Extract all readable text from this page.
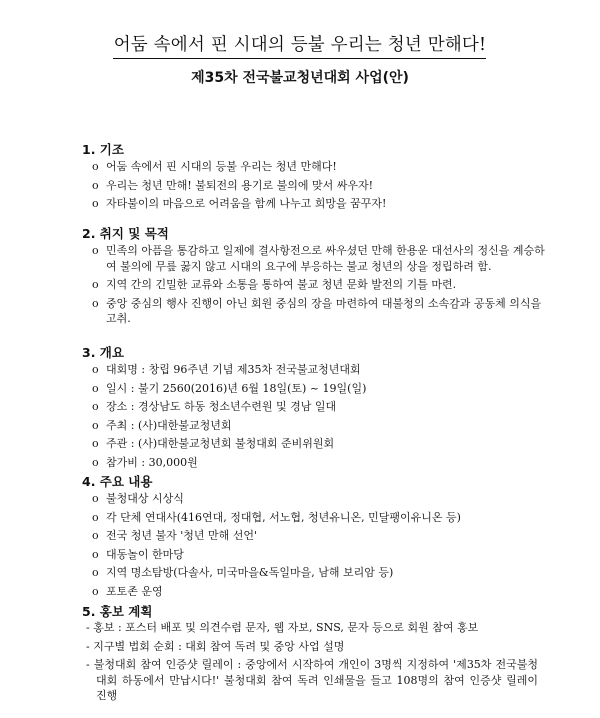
어둠 속에서 핀 시대의 등불 우리는 청년 만해다!
제35차 전국불교청년대회 사업(안)
1. 기조
o 어둠 속에서 핀 시대의 등불 우리는 청년 만해다!
o 우리는 청년 만해! 불퇴전의 용기로 불의에 맞서 싸우자!
o 자타불이의 마음으로 어려움을 함께 나누고 희망을 꿈꾸자!
2. 취지 및 목적
o 민족의 아픔을 통감하고 일제에 결사항전으로 싸우셨던 만해 한용운 대선사의 정신을 계승하여 불의에 무릎 꿇지 않고 시대의 요구에 부응하는 불교 청년의 상을 정립하려 함.
o 지역 간의 긴밀한 교류와 소통을 통하여 불교 청년 문화 발전의 기틀 마련.
o 중앙 중심의 행사 진행이 아닌 회원 중심의 장을 마련하여 대불청의 소속감과 공동체 의식을 고취.
3. 개요
o 대회명 : 창립 96주년 기념 제35차 전국불교청년대회
o 일시 : 불기 2560(2016)년 6월 18일(토) ~ 19일(일)
o 장소 : 경상남도 하동 청소년수련원 및 경남 일대
o 주최 : (사)대한불교청년회
o 주관 : (사)대한불교청년회 불청대회 준비위원회
o 참가비 : 30,000원
4. 주요 내용
o 불청대상 시상식
o 각 단체 연대사(416연대, 정대협, 서노협, 청년유니온, 민달팽이유니온 등)
o 전국 청년 불자 '청년 만해 선언'
o 대동놀이 한마당
o 지역 명소탐방(다솔사, 미국마을&독일마을, 남해 보리암 등)
o 포토존 운영
5. 홍보 계획
- 홍보 : 포스터 배포 및 의견수렴 문자, 웹 자보, SNS, 문자 등으로 회원 참여 홍보
- 지구별 법회 순회 : 대회 참여 독려 및 중앙 사업 설명
- 불청대회 참여 인증샷 릴레이 : 중앙에서 시작하여 개인이 3명씩 지정하여 '제35차 전국불청대회 하동에서 만납시다!' 불청대회 참여 독려 인쇄물을 들고 108명의 참여 인증샷 릴레이 진행
